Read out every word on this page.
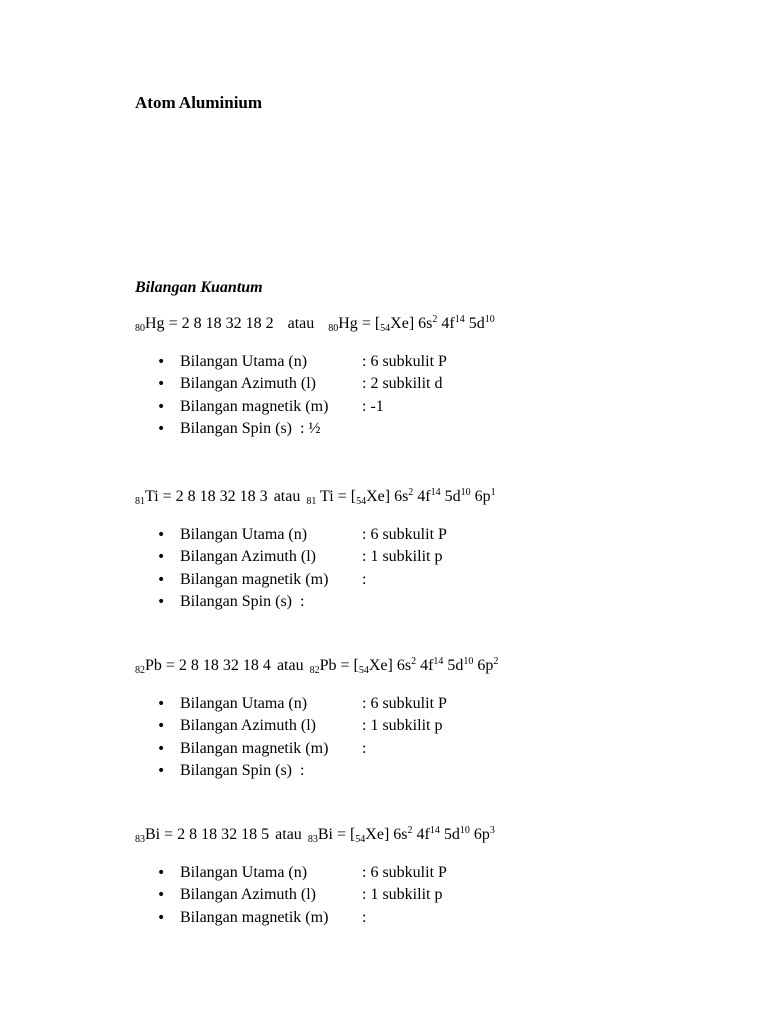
Atom Aluminium
Bilangan Kuantum
80Hg = 2 8 18 32 18 2 atau 80Hg = [54Xe] $6s^2$ $4f^{14}$ $5d^{10}$
• Bilangan Utama (n)	: 6 subkulit P
• Bilangan Azimuth (l)	: 2 subkilit d
• Bilangan magnetik (m) : -1
• Bilangan Spin (s) : ½
81Ti = 2 8 18 32 18 3 atau 81 Ti = [54Xe] $6s^2$ $4f^{14}$ $5d^{10}$ $6p^1$
• Bilangan Utama (n)	: 6 subkulit P
• Bilangan Azimuth (l)	: 1 subkilit p
• Bilangan magnetik (m) :
• Bilangan Spin (s) :
82Pb = 2 8 18 32 18 4 atau 82Pb = [54Xe] $6s^2$ $4f^{14}$ $5d^{10}$ $6p^2$
• Bilangan Utama (n)	: 6 subkulit P
• Bilangan Azimuth (l)	: 1 subkilit p
• Bilangan magnetik (m) :
• Bilangan Spin (s) :
83Bi = 2 8 18 32 18 5 atau 83Bi = [54Xe] $6s^2$ $4f^{14}$ $5d^{10}$ $6p^3$
• Bilangan Utama (n)	: 6 subkulit P
• Bilangan Azimuth (l)	: 1 subkilit p
• Bilangan magnetik (m) :
